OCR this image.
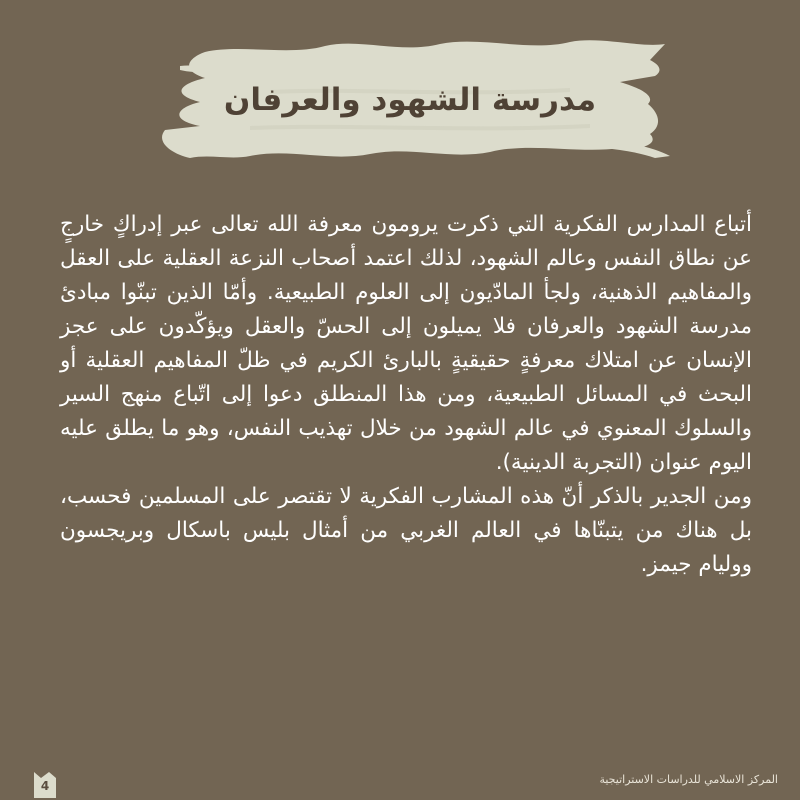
مدرسة الشهود والعرفان

أتباع المدارس الفكرية التي ذكرت يرومون معرفة الله تعالى عبر إدراكٍ خارجٍ عن نطاق النفس وعالم الشهود، لذلك اعتمد أصحاب النزعة العقلية على العقل والمفاهيم الذهنية، ولجأ المادّيون إلى العلوم الطبيعية. وأمّا الذين تبنّوا مبادئ مدرسة الشهود والعرفان فلا يميلون إلى الحسّ والعقل ويؤكّدون على عجز الإنسان عن امتلاك معرفةٍ حقيقيةٍ بالبارئ الكريم في ظلّ المفاهيم العقلية أو البحث في المسائل الطبيعية، ومن هذا المنطلق دعوا إلى اتّباع منهج السير والسلوك المعنوي في عالم الشهود من خلال تهذيب النفس، وهو ما يطلق عليه اليوم عنوان (التجربة الدينية).

ومن الجدير بالذكر أنّ هذه المشارب الفكرية لا تقتصر على المسلمين فحسب، بل هناك من يتبنّاها في العالم الغربي من أمثال بليس باسكال وبريجسون ووليام جيمز.

4	المركز الاسلامي للدراسات الاستراتيجية
